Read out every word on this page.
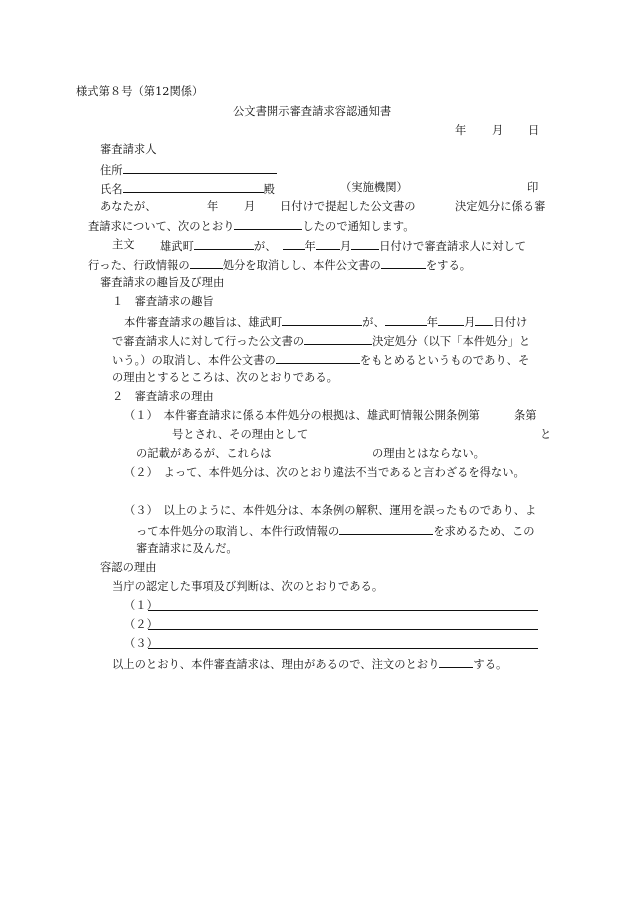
様式第８号（第12関係）
公文書開示審査請求容認通知書
年 月 日
審査請求人
住所
氏名	殿	（実施機関）	印
あなたが、	年 月 日付けで提起した公文書の	決定処分に係る審
査請求について、次のとおり	したので通知します。
主文 雄武町	が、 年 月 日付けで審査請求人に対して
行った、行政情報の	処分を取消しし、本件公文書の	をする。
審査請求の趣旨及び理由
１　審査請求の趣旨
本件審査請求の趣旨は、雄武町	が、	年 月 日付け
で審査請求人に対して行った公文書の	決定処分（以下「本件処分」と
いう。）の取消し、本件公文書の	をもとめるというものであり、そ
の理由とするところは、次のとおりである。
２　審査請求の理由
（１）　本件審査請求に係る本件処分の根拠は、雄武町情報公開条例第	条第
号とされ、その理由として	と
の記載があるが、これらは	の理由とはならない。
（２）　よって、本件処分は、次のとおり違法不当であると言わざるを得ない。
（３）　以上のように、本件処分は、本条例の解釈、運用を誤ったものであり、よ
って本件処分の取消し、本件行政情報の	を求めるため、この
審査請求に及んだ。
容認の理由
当庁の認定した事項及び判断は、次のとおりである。
（１）
（２）
（３）
以上のとおり、本件審査請求は、理由があるので、注文のとおり	する。
